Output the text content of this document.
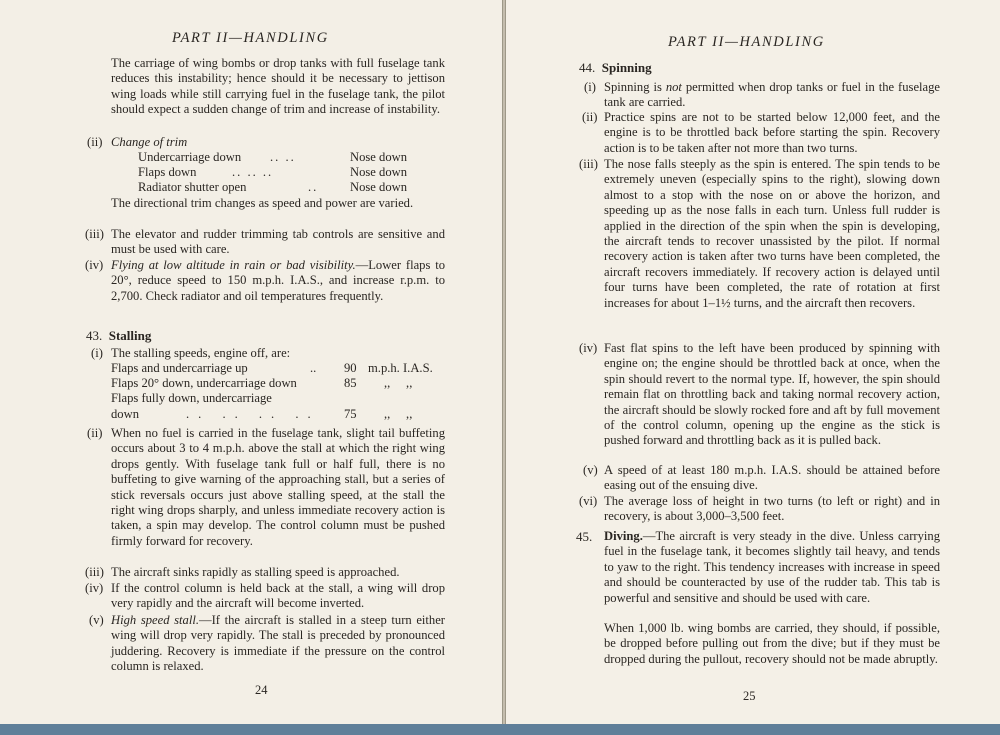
PART II—HANDLING
The carriage of wing bombs or drop tanks with full fuselage tank reduces this instability; hence should it be necessary to jettison wing loads while still carrying fuel in the fuselage tank, the pilot should expect a sudden change of trim and increase of instability.
(ii) Change of trim
Undercarriage down .. ..	Nose down
Flaps down	.. .. ..	Nose down
Radiator shutter open	..	Nose down
The directional trim changes as speed and power are varied.
(iii) The elevator and rudder trimming tab controls are sensitive and must be used with care.
(iv) Flying at low altitude in rain or bad visibility.—Lower flaps to 20°, reduce speed to 150 m.p.h. I.A.S., and increase r.p.m. to 2,700. Check radiator and oil temperatures frequently.
43. Stalling
(i) The stalling speeds, engine off, are:
Flaps and undercarriage up	.. 90 m.p.h. I.A.S.
Flaps 20° down, undercarriage down	85 ,,     ,,
Flaps fully down, undercarriage
down	.. .. .. .. 75 ,,     ,,
(ii) When no fuel is carried in the fuselage tank, slight tail buffeting occurs about 3 to 4 m.p.h. above the stall at which the right wing drops gently. With fuselage tank full or half full, there is no buffeting to give warning of the approaching stall, but a series of stick reversals occurs just above stalling speed, at the stall the right wing drops sharply, and unless immediate recovery action is taken, a spin may develop. The control column must be pushed firmly forward for recovery.
(iii) The aircraft sinks rapidly as stalling speed is approached.
(iv) If the control column is held back at the stall, a wing will drop very rapidly and the aircraft will become inverted.
(v) High speed stall.—If the aircraft is stalled in a steep turn either wing will drop very rapidly. The stall is preceded by pronounced juddering. Recovery is immediate if the pressure on the control column is relaxed.
24
PART II—HANDLING
44. Spinning
(i) Spinning is not permitted when drop tanks or fuel in the fuselage tank are carried.
(ii) Practice spins are not to be started below 12,000 feet, and the engine is to be throttled back before starting the spin. Recovery action is to be taken after not more than two turns.
(iii) The nose falls steeply as the spin is entered. The spin tends to be extremely uneven (especially spins to the right), slowing down almost to a stop with the nose on or above the horizon, and speeding up as the nose falls in each turn. Unless full rudder is applied in the direction of the spin when the spin is developing, the aircraft tends to recover unassisted by the pilot. If normal recovery action is taken after two turns have been completed, the aircraft recovers immediately. If recovery action is delayed until four turns have been completed, the rate of rotation at first increases for about 1–1½ turns, and the aircraft then recovers.
(iv) Fast flat spins to the left have been produced by spinning with engine on; the engine should be throttled back at once, when the spin should revert to the normal type. If, however, the spin should remain flat on throttling back and taking normal recovery action, the aircraft should be slowly rocked fore and aft by full movement of the control column, opening up the engine as the stick is pushed forward and throttling back as it is pulled back.
(v) A speed of at least 180 m.p.h. I.A.S. should be attained before easing out of the ensuing dive.
(vi) The average loss of height in two turns (to left or right) and in recovery, is about 3,000–3,500 feet.
45. Diving.—The aircraft is very steady in the dive. Unless carrying fuel in the fuselage tank, it becomes slightly tail heavy, and tends to yaw to the right. This tendency increases with increase in speed and should be counteracted by use of the rudder tab. This tab is powerful and sensitive and should be used with care.
When 1,000 lb. wing bombs are carried, they should, if possible, be dropped before pulling out from the dive; but if they must be dropped during the pullout, recovery should not be made abruptly.
25
